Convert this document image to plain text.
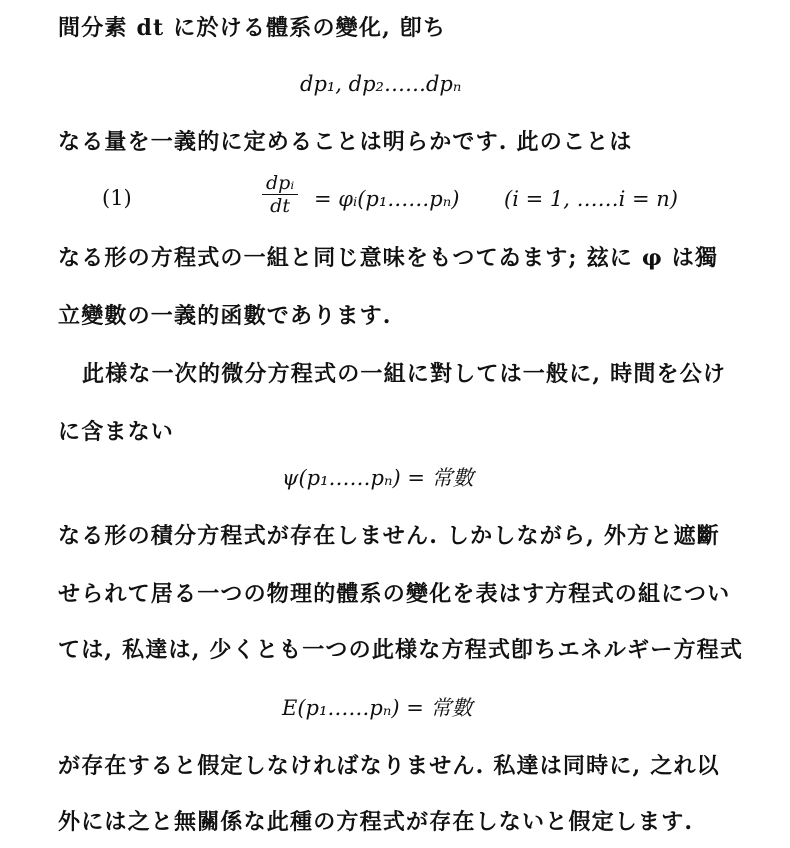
間分素 dt に於ける體系の變化, 卽ち
dp₁, dp₂……dpₙ
なる量を一義的に定めることは明らかです. 此のことは
(1)
dpᵢ
dt	= φᵢ(p₁……pₙ) (i = 1, ……i = n)
なる形の方程式の一組と同じ意味をもつてゐます; 玆に φ は獨
立變數の一義的函數であります.
此様な一次的微分方程式の一組に對しては一般に, 時間を公け
に含まない
ψ(p₁……pₙ) = 常數
なる形の積分方程式が存在しません. しかしながら, 外方と遮斷
せられて居る一つの物理的體系の變化を表はす方程式の組につい
ては, 私達は, 少くとも一つの此様な方程式卽ちエネルギー方程式
E(p₁……pₙ) = 常數
が存在すると假定しなければなりません. 私達は同時に, 之れ以
外には之と無關係な此種の方程式が存在しないと假定します.
